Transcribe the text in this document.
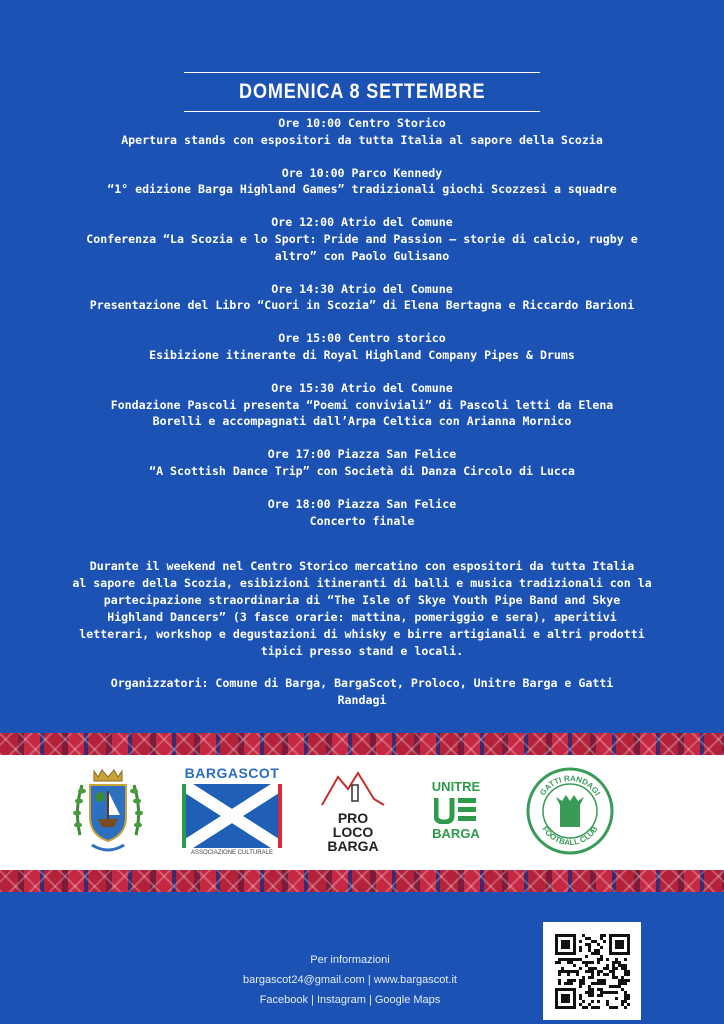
DOMENICA 8 SETTEMBRE
Ore 10:00 Centro Storico
Apertura stands con espositori da tutta Italia al sapore della Scozia
Ore 10:00 Parco Kennedy
“1° edizione Barga Highland Games” tradizionali giochi Scozzesi a squadre
Ore 12:00 Atrio del Comune
Conferenza “La Scozia e lo Sport: Pride and Passion – storie di calcio, rugby e
altro” con Paolo Gulisano
Ore 14:30 Atrio del Comune
Presentazione del Libro “Cuori in Scozia” di Elena Bertagna e Riccardo Barioni
Ore 15:00 Centro storico
Esibizione itinerante di Royal Highland Company Pipes & Drums
Ore 15:30 Atrio del Comune
Fondazione Pascoli presenta “Poemi conviviali” di Pascoli letti da Elena
Borelli e accompagnati dall’Arpa Celtica con Arianna Mornico
Ore 17:00 Piazza San Felice
“A Scottish Dance Trip” con Società di Danza Circolo di Lucca
Ore 18:00 Piazza San Felice
Concerto finale
Durante il weekend nel Centro Storico mercatino con espositori da tutta Italia
al sapore della Scozia, esibizioni itineranti di balli e musica tradizionali con la
partecipazione straordinaria di “The Isle of Skye Youth Pipe Band and Skye
Highland Dancers” (3 fasce orarie: mattina, pomeriggio e sera), aperitivi
letterari, workshop e degustazioni di whisky e birre artigianali e altri prodotti
tipici presso stand e locali.
Organizzatori: Comune di Barga, BargaScot, Proloco, Unitre Barga e Gatti
Randagi
BARGASCOT
ASSOCIAZIONE CULTURALE
PRO
LOCO
BARGA
UNITRE
BARGA
GATTI RANDAGI
FOOTBALL CLUB
Per informazioni
bargascot24@gmail.com | www.bargascot.it
Facebook | Instagram | Google Maps
